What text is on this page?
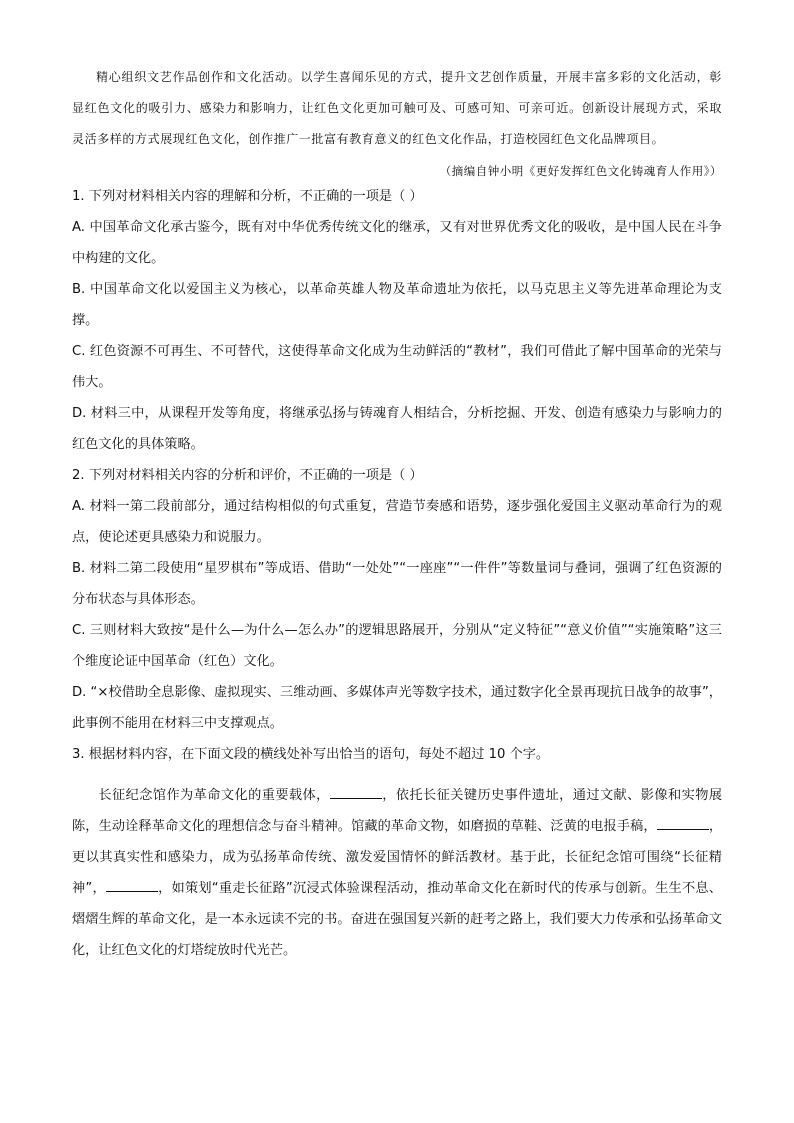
精心组织文艺作品创作和文化活动。以学生喜闻乐见的方式，提升文艺创作质量，开展丰富多彩的文化活动，彰显红色文化的吸引力、感染力和影响力，让红色文化更加可触可及、可感可知、可亲可近。创新设计展现方式，采取灵活多样的方式展现红色文化，创作推广一批富有教育意义的红色文化作品，打造校园红色文化品牌项目。

（摘编自钟小明《更好发挥红色文化铸魂育人作用》）

1. 下列对材料相关内容的理解和分析，不正确的一项是（ ）

A. 中国革命文化承古鉴今，既有对中华优秀传统文化的继承，又有对世界优秀文化的吸收，是中国人民在斗争中构建的文化。

B. 中国革命文化以爱国主义为核心，以革命英雄人物及革命遗址为依托，以马克思主义等先进革命理论为支撑。

C. 红色资源不可再生、不可替代，这使得革命文化成为生动鲜活的“教材”，我们可借此了解中国革命的光荣与伟大。

D. 材料三中，从课程开发等角度，将继承弘扬与铸魂育人相结合，分析挖掘、开发、创造有感染力与影响力的红色文化的具体策略。

2. 下列对材料相关内容的分析和评价，不正确的一项是（ ）

A. 材料一第二段前部分，通过结构相似的句式重复，营造节奏感和语势，逐步强化爱国主义驱动革命行为的观点，使论述更具感染力和说服力。

B. 材料二第二段使用“星罗棋布”等成语、借助“一处处”“一座座”“一件件”等数量词与叠词，强调了红色资源的分布状态与具体形态。

C. 三则材料大致按“是什么—为什么—怎么办”的逻辑思路展开，分别从“定义特征”“意义价值”“实施策略”这三个维度论证中国革命（红色）文化。

D. “×校借助全息影像、虚拟现实、三维动画、多媒体声光等数字技术，通过数字化全景再现抗日战争的故事”，此事例不能用在材料三中支撑观点。

3. 根据材料内容，在下面文段的横线处补写出恰当的语句，每处不超过 10 个字。

长征纪念馆作为革命文化的重要载体，	，依托长征关键历史事件遗址，通过文献、影像和实物展陈，生动诠释革命文化的理想信念与奋斗精神。馆藏的革命文物，如磨损的草鞋、泛黄的电报手稿，	，更以其真实性和感染力，成为弘扬革命传统、激发爱国情怀的鲜活教材。基于此，长征纪念馆可围绕“长征精神”，	，如策划“重走长征路”沉浸式体验课程活动，推动革命文化在新时代的传承与创新。生生不息、熠熠生辉的革命文化，是一本永远读不完的书。奋进在强国复兴新的赶考之路上，我们要大力传承和弘扬革命文化，让红色文化的灯塔绽放时代光芒。
